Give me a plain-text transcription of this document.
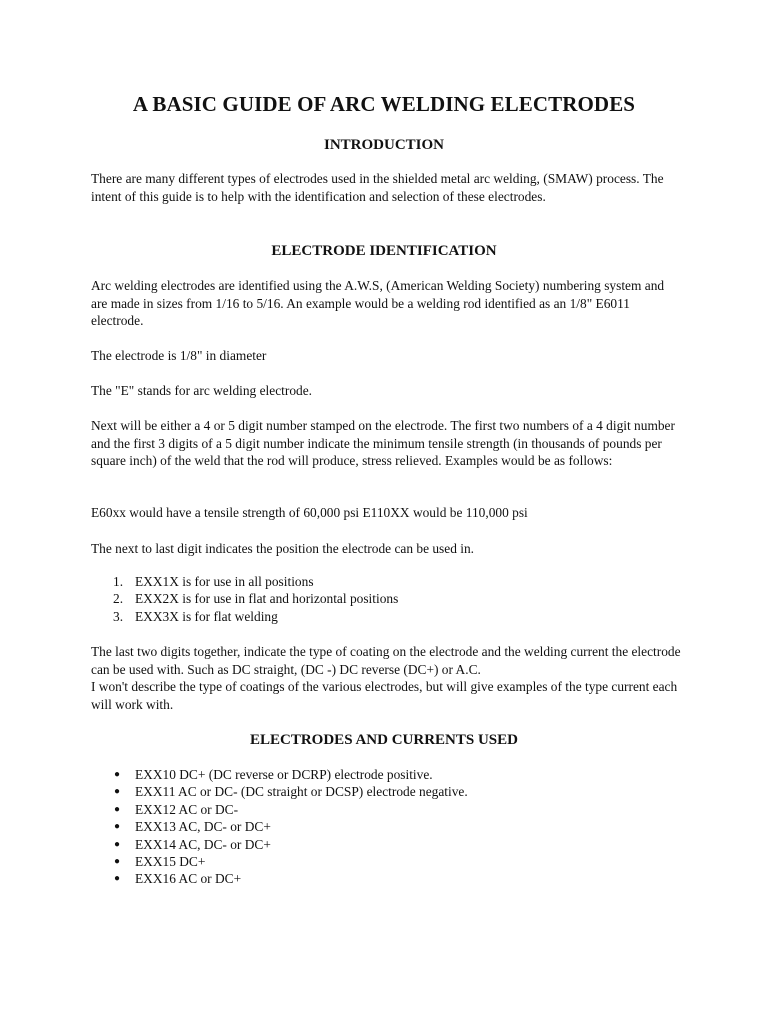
A BASIC GUIDE OF ARC WELDING ELECTRODES
INTRODUCTION

There are many different types of electrodes used in the shielded metal arc welding, (SMAW) process. The intent of this guide is to help with the identification and selection of these electrodes.

ELECTRODE IDENTIFICATION

Arc welding electrodes are identified using the A.W.S, (American Welding Society) numbering system and are made in sizes from 1/16 to 5/16. An example would be a welding rod identified as an 1/8" E6011 electrode.

The electrode is 1/8" in diameter

The "E" stands for arc welding electrode.

Next will be either a 4 or 5 digit number stamped on the electrode. The first two numbers of a 4 digit number and the first 3 digits of a 5 digit number indicate the minimum tensile strength (in thousands of pounds per square inch) of the weld that the rod will produce, stress relieved. Examples would be as follows:

E60xx would have a tensile strength of 60,000 psi E110XX would be 110,000 psi

The next to last digit indicates the position the electrode can be used in.

1. EXX1X is for use in all positions
2. EXX2X is for use in flat and horizontal positions
3. EXX3X is for flat welding

The last two digits together, indicate the type of coating on the electrode and the welding current the electrode can be used with. Such as DC straight, (DC -) DC reverse (DC+) or A.C.

I won't describe the type of coatings of the various electrodes, but will give examples of the type current each will work with.

ELECTRODES AND CURRENTS USED
● EXX10 DC+ (DC reverse or DCRP) electrode positive.
● EXX11 AC or DC- (DC straight or DCSP) electrode negative.
● EXX12 AC or DC-
● EXX13 AC, DC- or DC+
● EXX14 AC, DC- or DC+
● EXX15 DC+
● EXX16 AC or DC+
